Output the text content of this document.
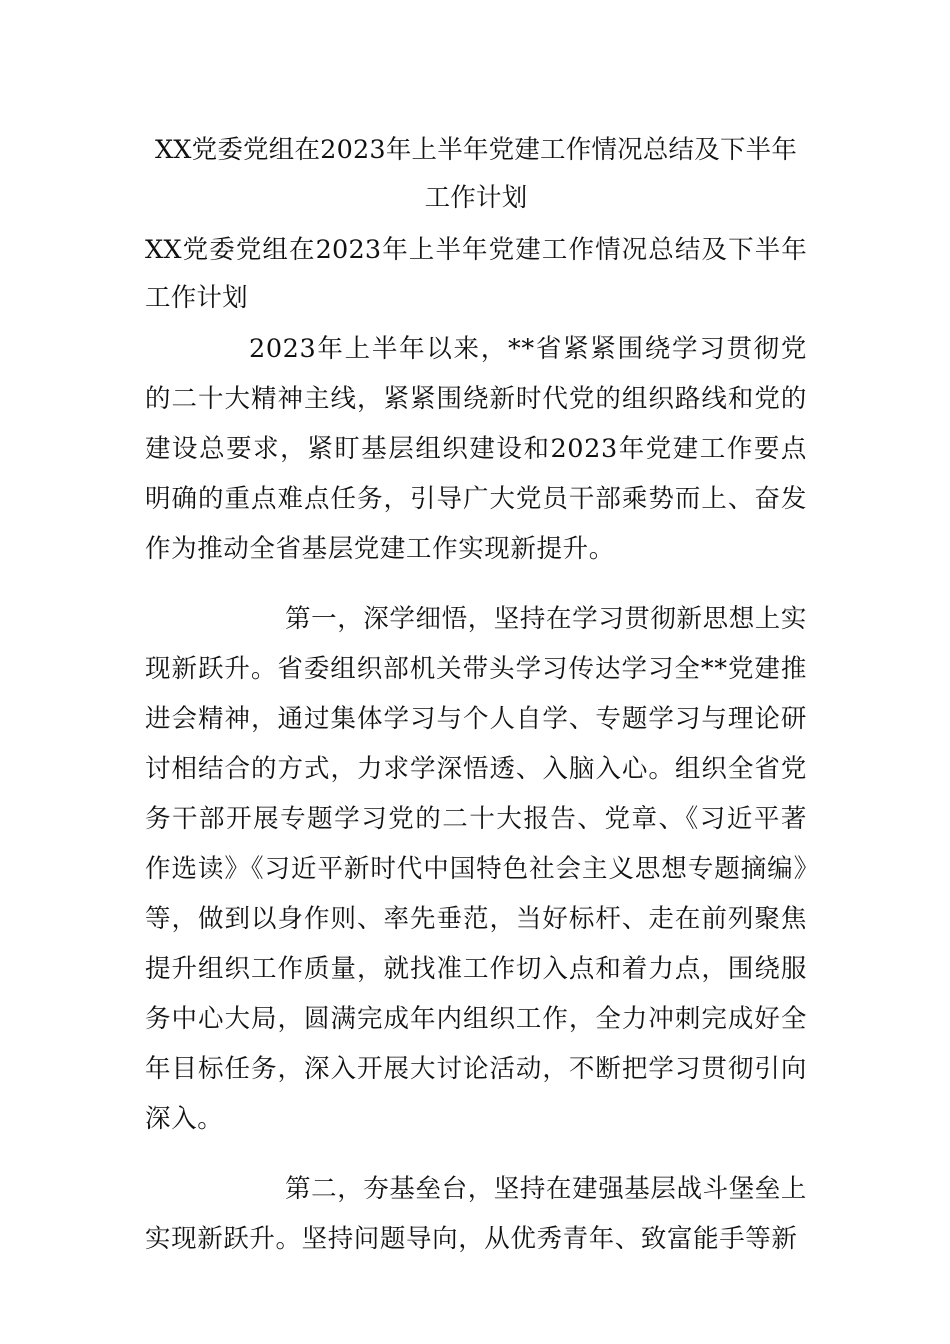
XX党委党组在2023年上半年党建工作情况总结及下半年工作计划
XX党委党组在2023年上半年党建工作情况总结及下半年工作计划

2023年上半年以来，**省紧紧围绕学习贯彻党的二十大精神主线，紧紧围绕新时代党的组织路线和党的建设总要求，紧盯基层组织建设和2023年党建工作要点明确的重点难点任务，引导广大党员干部乘势而上、奋发作为推动全省基层党建工作实现新提升。

第一，深学细悟，坚持在学习贯彻新思想上实现新跃升。省委组织部机关带头学习传达学习全**党建推进会精神，通过集体学习与个人自学、专题学习与理论研讨相结合的方式，力求学深悟透、入脑入心。组织全省党务干部开展专题学习党的二十大报告、党章、《习近平著作选读》《习近平新时代中国特色社会主义思想专题摘编》等，做到以身作则、率先垂范，当好标杆、走在前列聚焦提升组织工作质量，就找准工作切入点和着力点，围绕服务中心大局，圆满完成年内组织工作，全力冲刺完成好全年目标任务，深入开展大讨论活动，不断把学习贯彻引向深入。

第二，夯基垒台，坚持在建强基层战斗堡垒上实现新跃升。坚持问题导向，从优秀青年、致富能手等新
